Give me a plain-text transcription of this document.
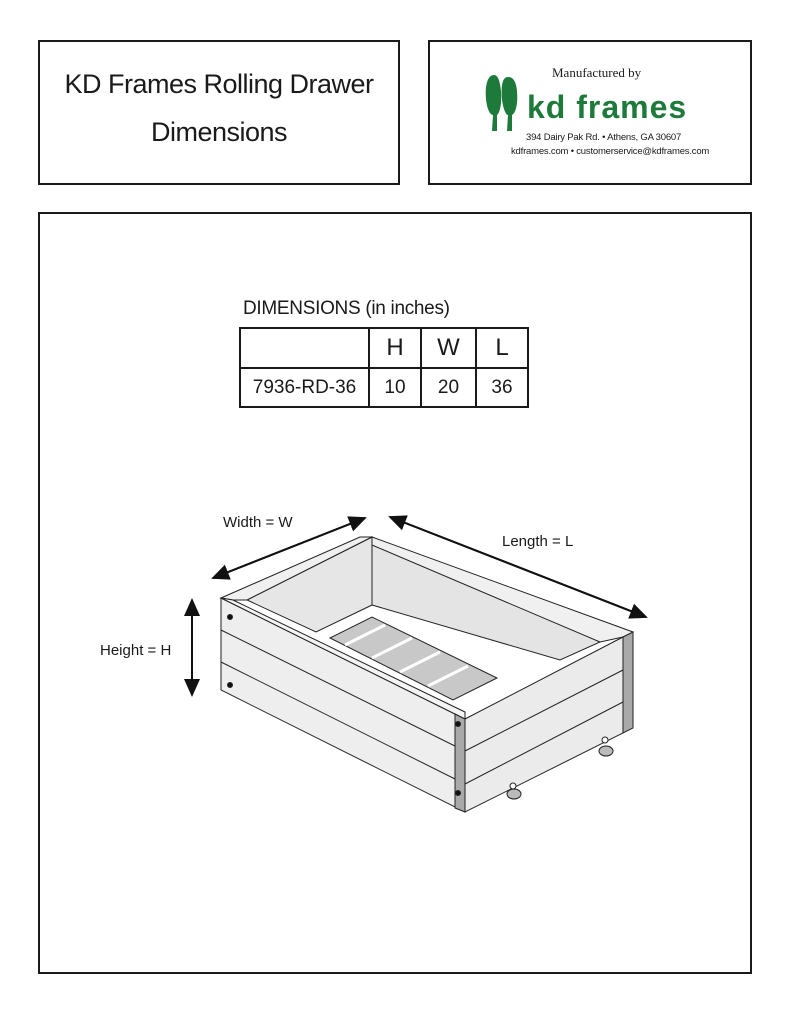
KD Frames Rolling Drawer
Dimensions
Manufactured by
kd frames
394 Dairy Pak Rd. • Athens, GA 30607
kdframes.com • customerservice@kdframes.com
DIMENSIONS (in inches)
	H	W	L
7936-RD-36	10	20	36
Width = W
Length = L
Height = H
